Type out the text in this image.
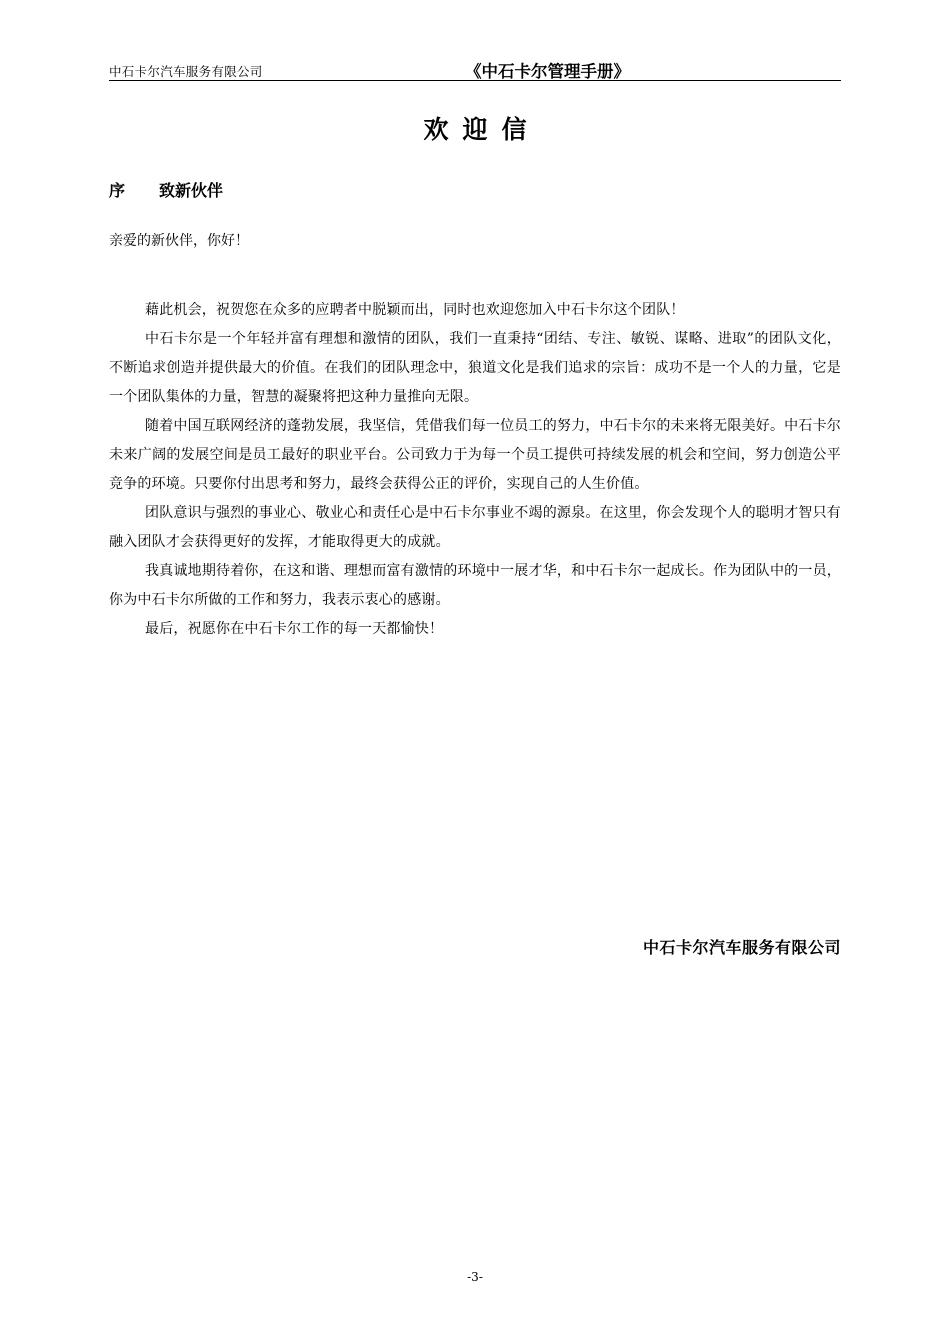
中石卡尔汽车服务有限公司	《中石卡尔管理手册》
欢迎信
序 致新伙伴
亲爱的新伙伴，你好！

藉此机会，祝贺您在众多的应聘者中脱颖而出，同时也欢迎您加入中石卡尔这个团队！

中石卡尔是一个年轻并富有理想和激情的团队，我们一直秉持“团结、专注、敏锐、谋略、进取”的团队文化，不断追求创造并提供最大的价值。在我们的团队理念中，狼道文化是我们追求的宗旨：成功不是一个人的力量，它是一个团队集体的力量，智慧的凝聚将把这种力量推向无限。

随着中国互联网经济的蓬勃发展，我坚信，凭借我们每一位员工的努力，中石卡尔的未来将无限美好。中石卡尔未来广阔的发展空间是员工最好的职业平台。公司致力于为每一个员工提供可持续发展的机会和空间，努力创造公平竞争的环境。只要你付出思考和努力，最终会获得公正的评价，实现自己的人生价值。

团队意识与强烈的事业心、敬业心和责任心是中石卡尔事业不竭的源泉。在这里，你会发现个人的聪明才智只有融入团队才会获得更好的发挥，才能取得更大的成就。

我真诚地期待着你，在这和谐、理想而富有激情的环境中一展才华，和中石卡尔一起成长。作为团队中的一员，你为中石卡尔所做的工作和努力，我表示衷心的感谢。

最后，祝愿你在中石卡尔工作的每一天都愉快！

中石卡尔汽车服务有限公司
-3-
